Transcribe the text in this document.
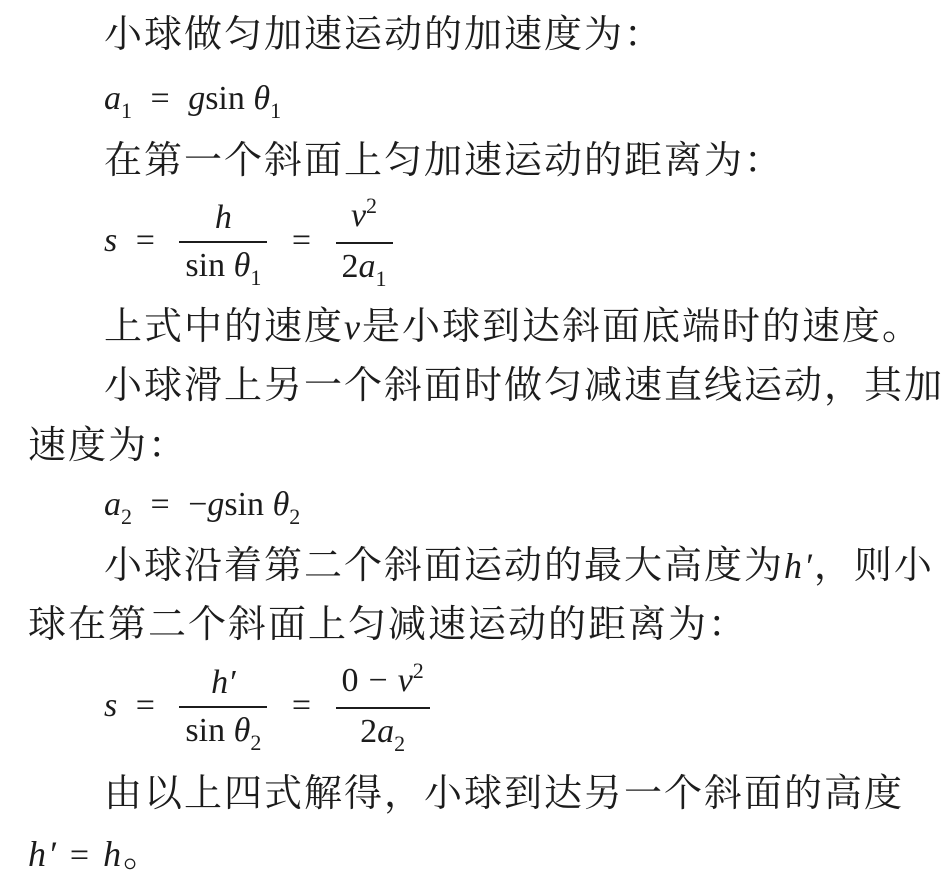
小球做匀加速运动的加速度为：
$a_1 = gsin$ $\theta_1$
在第一个斜面上匀加速运动的距离为：
$s = \frac{h}{\sin \theta_1} = \frac{v^2}{2a_1}$
上式中的速度v是小球到达斜面底端时的速度。
小球滑上另一个斜面时做匀减速直线运动，其加
速度为：
$a_2 = -gsin$ $\theta_2$
小球沿着第二个斜面运动的最大高度为h′，则小
球在第二个斜面上匀减速运动的距离为：
$s = \frac{h'}{\sin \theta_2} = \frac{0 - v^2}{2a_2}$
由以上四式解得，小球到达另一个斜面的高度
h′ = h。
